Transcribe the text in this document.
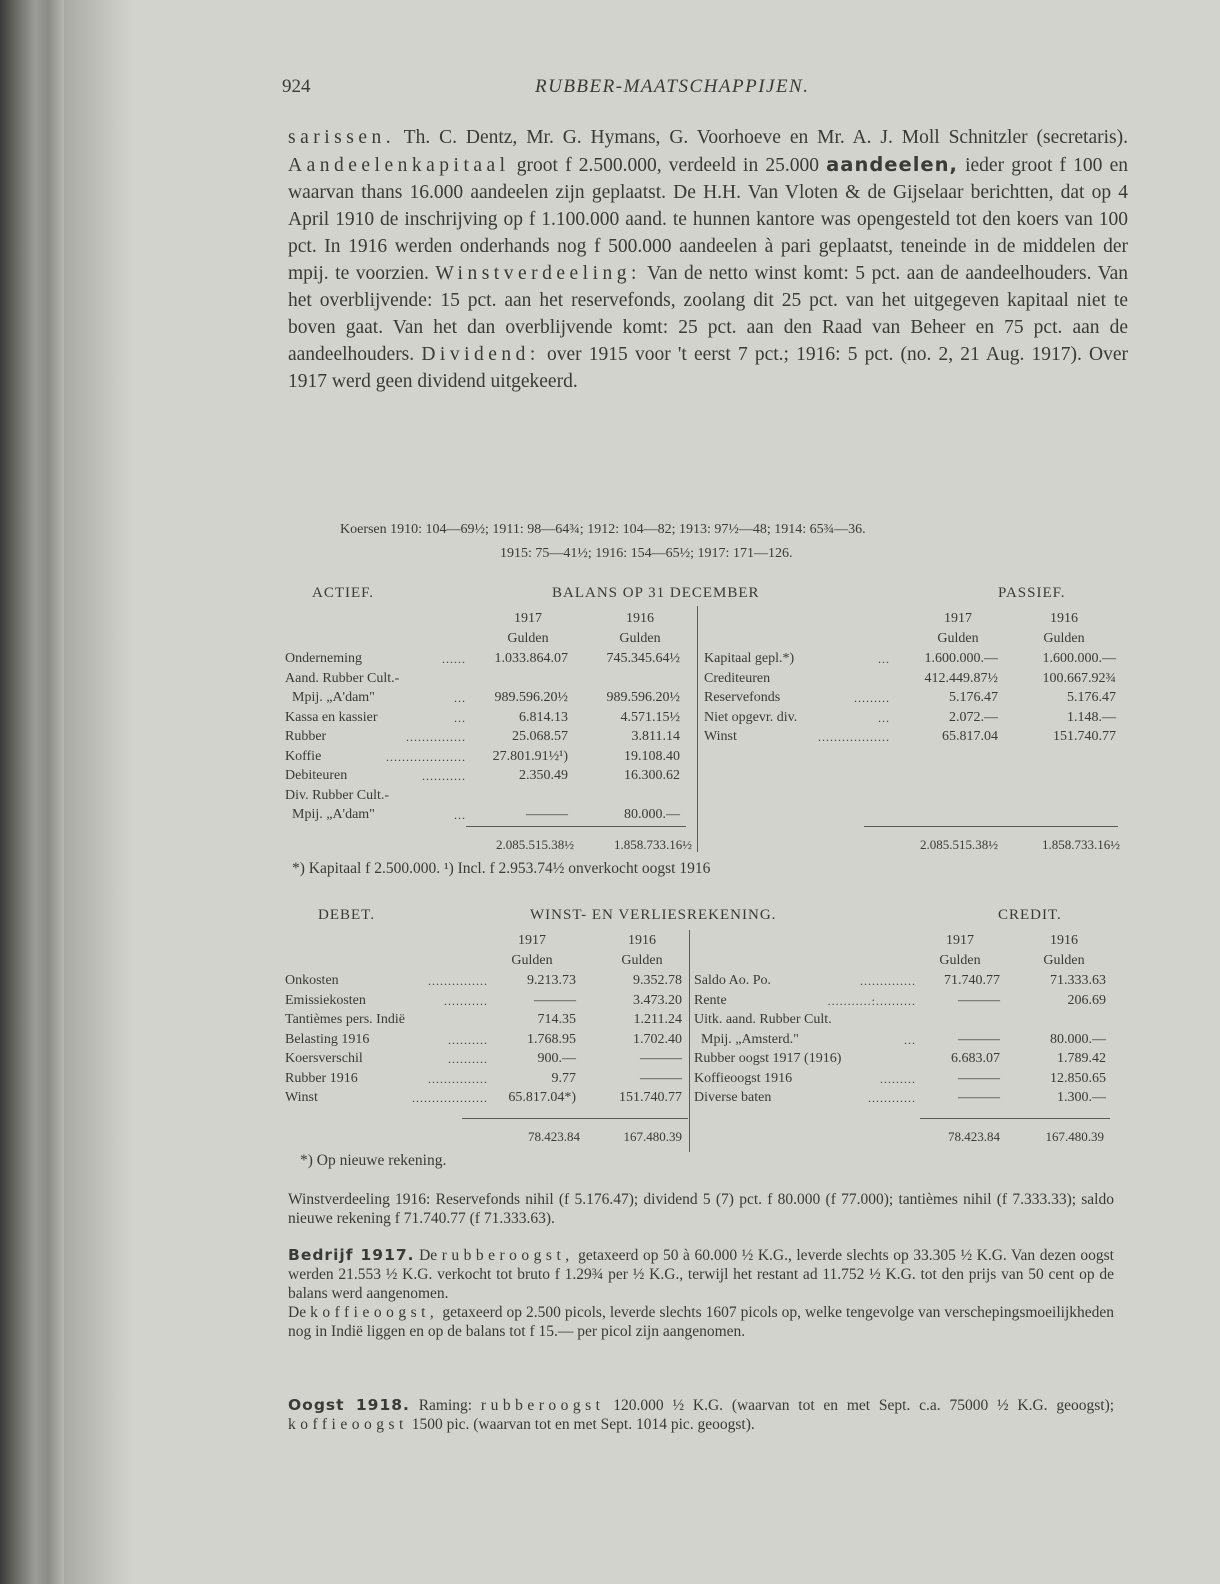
924	RUBBER-MAATSCHAPPIJEN.

sarissen. Th. C. Dentz, Mr. G. Hymans, G. Voorhoeve en Mr. A. J. Moll Schnitzler (secretaris). Aandeelenkapitaal groot f 2.500.000, verdeeld in 25.000 aandeelen, ieder groot f 100 en waarvan thans 16.000 aandeelen zijn geplaatst. De H.H. Van Vloten & de Gijselaar berichtten, dat op 4 April 1910 de inschrijving op f 1.100.000 aand. te hunnen kantore was opengesteld tot den koers van 100 pct. In 1916 werden onderhands nog f 500.000 aandeelen à pari geplaatst, teneinde in de middelen der mpij. te voorzien. Winstverdeeling: Van de netto winst komt: 5 pct. aan de aandeelhouders. Van het overblijvende: 15 pct. aan het reservefonds, zoolang dit 25 pct. van het uitgegeven kapitaal niet te boven gaat. Van het dan overblijvende komt: 25 pct. aan den Raad van Beheer en 75 pct. aan de aandeelhouders. Dividend: over 1915 voor 't eerst 7 pct.; 1916: 5 pct. (no. 2, 21 Aug. 1917). Over 1917 werd geen dividend uitgekeerd.

Koersen 1910: 104—69½; 1911: 98—64¾; 1912: 104—82; 1913: 97½—48; 1914: 65¾—36.
1915: 75—41½; 1916: 154—65½; 1917: 171—126.
ACTIEF.	BALANS OP 31 DECEMBER	PASSIEF.
1917	1916
Gulden	Gulden
1917	1916
Gulden	Gulden
Onderneming	......	1.033.864.07	745.345.64½
Aand. Rubber Cult.-
Mpij. „A'dam"	...	989.596.20½	989.596.20½
Kassa en kassier	...	6.814.13	4.571.15½
Rubber	...............	25.068.57	3.811.14
Koffie	....................	27.801.91½¹)	19.108.40
Debiteuren	...........	2.350.49	16.300.62
Div. Rubber Cult.-
Mpij. „A'dam"	...	———	80.000.—
Kapitaal gepl.*)	...	1.600.000.—	1.600.000.—
Crediteuren	412.449.87½	100.667.92¾
Reservefonds	.........	5.176.47	5.176.47
Niet opgevr. div.	...	2.072.—	1.148.—
Winst	..................	65.817.04	151.740.77
2.085.515.38½	1.858.733.16½	2.085.515.38½	1.858.733.16½
*) Kapitaal f 2.500.000. ¹) Incl. f 2.953.74½ onverkocht oogst 1916
DEBET.	WINST- EN VERLIESREKENING.	CREDIT.
1917	1916
Gulden	Gulden
1917	1916
Gulden	Gulden
Onkosten	...............	9.213.73	9.352.78
Emissiekosten	...........	———	3.473.20
Tantièmes pers. Indië	714.35	1.211.24
Belasting 1916	..........	1.768.95	1.702.40
Koersverschil	..........	900.—	———
Rubber 1916	...............	9.77	———
Winst	...................	65.817.04*)	151.740.77
Saldo Ao. Po.	..............	71.740.77	71.333.63
Rente	...........:..........	———	206.69
Uitk. aand. Rubber Cult.
Mpij. „Amsterd."	...	———	80.000.—
Rubber oogst 1917 (1916)	6.683.07	1.789.42
Koffieoogst 1916	.........	———	12.850.65
Diverse baten	............	———	1.300.—
78.423.84	167.480.39	78.423.84	167.480.39
*) Op nieuwe rekening.

Winstverdeeling 1916: Reservefonds nihil (f 5.176.47); dividend 5 (7) pct. f 80.000 (f 77.000); tantièmes nihil (f 7.333.33); saldo nieuwe rekening f 71.740.77 (f 71.333.63).

Bedrijf 1917. De rubberoogst, getaxeerd op 50 à 60.000 ½ K.G., leverde slechts op 33.305 ½ K.G. Van dezen oogst werden 21.553 ½ K.G. verkocht tot bruto f 1.29¾ per ½ K.G., terwijl het restant ad 11.752 ½ K.G. tot den prijs van 50 cent op de balans werd aangenomen.

De koffieoogst, getaxeerd op 2.500 picols, leverde slechts 1607 picols op, welke tengevolge van verschepingsmoeilijkheden nog in Indië liggen en op de balans tot f 15.— per picol zijn aangenomen.

Oogst 1918. Raming: rubberoogst 120.000 ½ K.G. (waarvan tot en met Sept. c.a. 75000 ½ K.G. geoogst); koffieoogst 1500 pic. (waarvan tot en met Sept. 1014 pic. geoogst).
